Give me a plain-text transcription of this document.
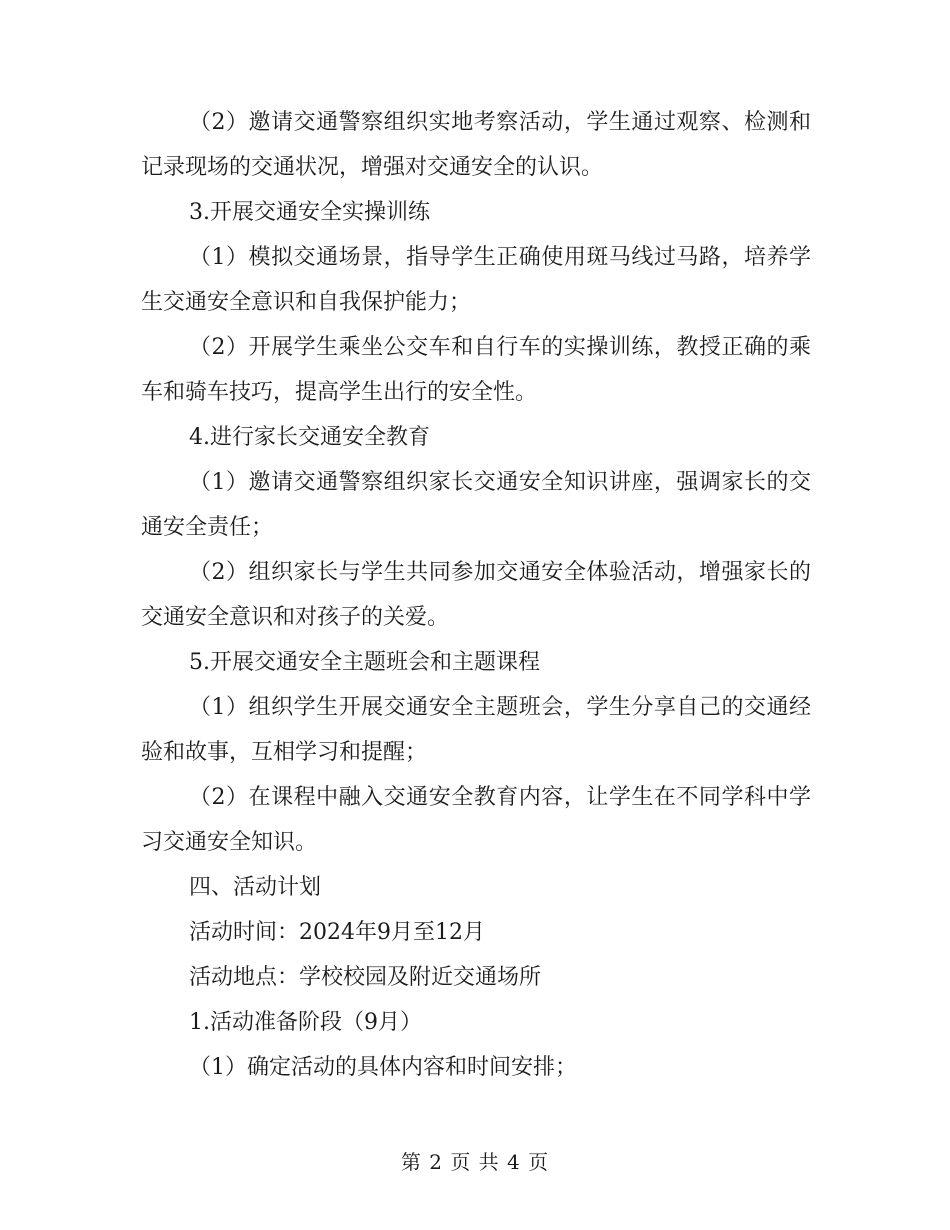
（2）邀请交通警察组织实地考察活动，学生通过观察、检测和记录现场的交通状况，增强对交通安全的认识。

3.开展交通安全实操训练

（1）模拟交通场景，指导学生正确使用斑马线过马路，培养学生交通安全意识和自我保护能力；

（2）开展学生乘坐公交车和自行车的实操训练，教授正确的乘车和骑车技巧，提高学生出行的安全性。

4.进行家长交通安全教育

（1）邀请交通警察组织家长交通安全知识讲座，强调家长的交通安全责任；

（2）组织家长与学生共同参加交通安全体验活动，增强家长的交通安全意识和对孩子的关爱。

5.开展交通安全主题班会和主题课程

（1）组织学生开展交通安全主题班会，学生分享自己的交通经验和故事，互相学习和提醒；

（2）在课程中融入交通安全教育内容，让学生在不同学科中学习交通安全知识。

四、活动计划

活动时间：2024年9月至12月

活动地点：学校校园及附近交通场所

1.活动准备阶段（9月）

（1）确定活动的具体内容和时间安排；

第 2 页 共 4 页
